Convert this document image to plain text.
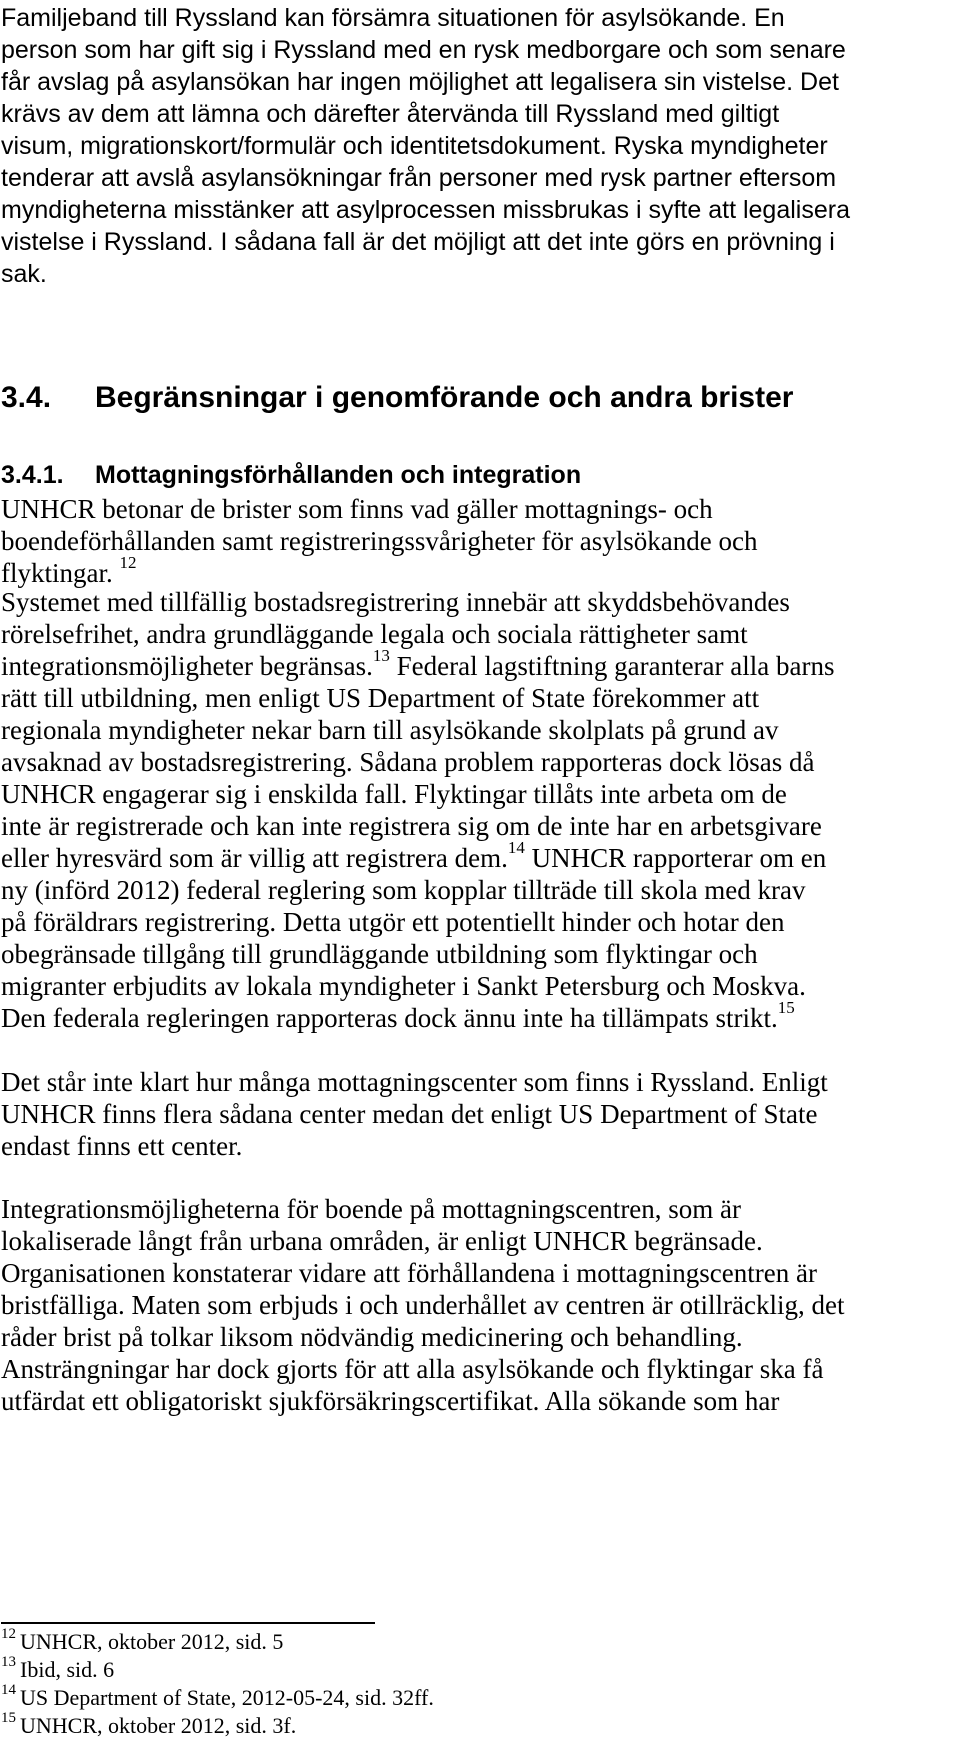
Familjeband till Ryssland kan försämra situationen för asylsökande. En
person som har gift sig i Ryssland med en rysk medborgare och som senare
får avslag på asylansökan har ingen möjlighet att legalisera sin vistelse. Det
krävs av dem att lämna och därefter återvända till Ryssland med giltigt
visum, migrationskort/formulär och identitetsdokument. Ryska myndigheter
tenderar att avslå asylansökningar från personer med rysk partner eftersom
myndigheterna misstänker att asylprocessen missbrukas i syfte att legalisera
vistelse i Ryssland. I sådana fall är det möjligt att det inte görs en prövning i
sak.
3.4. Begränsningar i genomförande och andra brister
3.4.1. Mottagningsförhållanden och integration
UNHCR betonar de brister som finns vad gäller mottagnings- och
boendeförhållanden samt registreringssvårigheter för asylsökande och
flyktingar. $^{12}$
Systemet med tillfällig bostadsregistrering innebär att skyddsbehövandes
rörelsefrihet, andra grundläggande legala och sociala rättigheter samt
integrationsmöjligheter begränsas.$^{13}$ Federal lagstiftning garanterar alla barns
rätt till utbildning, men enligt US Department of State förekommer att
regionala myndigheter nekar barn till asylsökande skolplats på grund av
avsaknad av bostadsregistrering. Sådana problem rapporteras dock lösas då
UNHCR engagerar sig i enskilda fall. Flyktingar tillåts inte arbeta om de
inte är registrerade och kan inte registrera sig om de inte har en arbetsgivare
eller hyresvärd som är villig att registrera dem.$^{14}$ UNHCR rapporterar om en
ny (införd 2012) federal reglering som kopplar tillträde till skola med krav
på föräldrars registrering. Detta utgör ett potentiellt hinder och hotar den
obegränsade tillgång till grundläggande utbildning som flyktingar och
migranter erbjudits av lokala myndigheter i Sankt Petersburg och Moskva.
Den federala regleringen rapporteras dock ännu inte ha tillämpats strikt.$^{15}$
Det står inte klart hur många mottagningscenter som finns i Ryssland. Enligt
UNHCR finns flera sådana center medan det enligt US Department of State
endast finns ett center.
Integrationsmöjligheterna för boende på mottagningscentren, som är
lokaliserade långt från urbana områden, är enligt UNHCR begränsade.
Organisationen konstaterar vidare att förhållandena i mottagningscentren är
bristfälliga. Maten som erbjuds i och underhållet av centren är otillräcklig, det
råder brist på tolkar liksom nödvändig medicinering och behandling.
Ansträngningar har dock gjorts för att alla asylsökande och flyktingar ska få
utfärdat ett obligatoriskt sjukförsäkringscertifikat. Alla sökande som har
$^{12}$ UNHCR, oktober 2012, sid. 5
$^{13}$ Ibid, sid. 6
$^{14}$ US Department of State, 2012-05-24, sid. 32ff.
$^{15}$ UNHCR, oktober 2012, sid. 3f.
